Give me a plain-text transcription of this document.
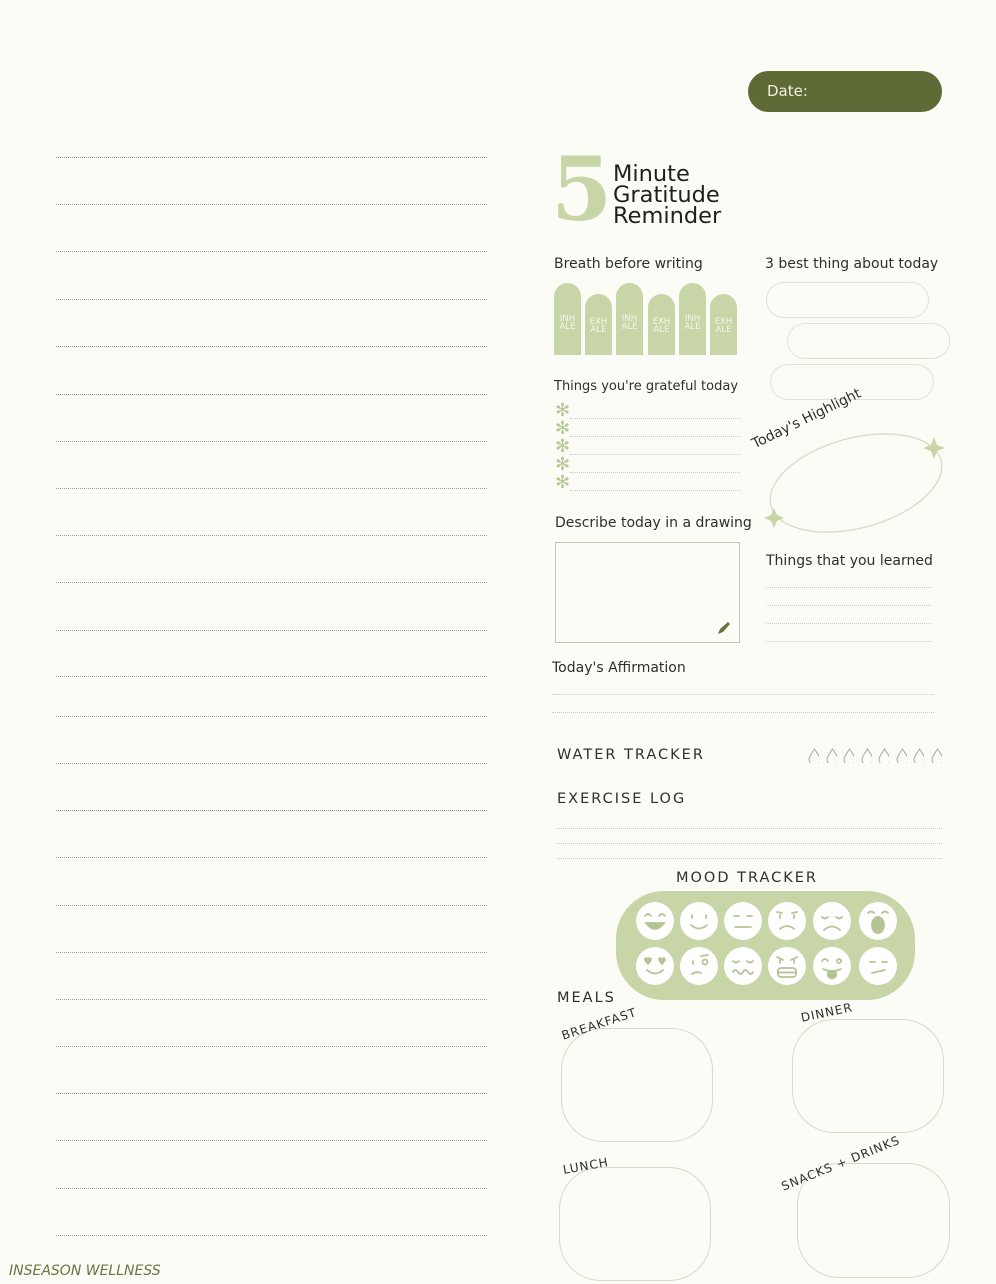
Date:
5 Minute
Gratitude
Reminder
Breath before writing
INH
ALE	EXH
ALE
INH
ALE	EXH
ALE
INH
ALE	EXH
ALE
3 best thing about today
Things you're grateful today
✻
✻
✻
✻
✻
Today's Highlight
Describe today in a drawing
Things that you learned
Today's Affirmation
WATER TRACKER
EXERCISE LOG
MOOD TRACKER
MEALS
BREAKFAST	DINNER
LUNCH	SNACKS + DRINKS
INSEASON WELLNESS
